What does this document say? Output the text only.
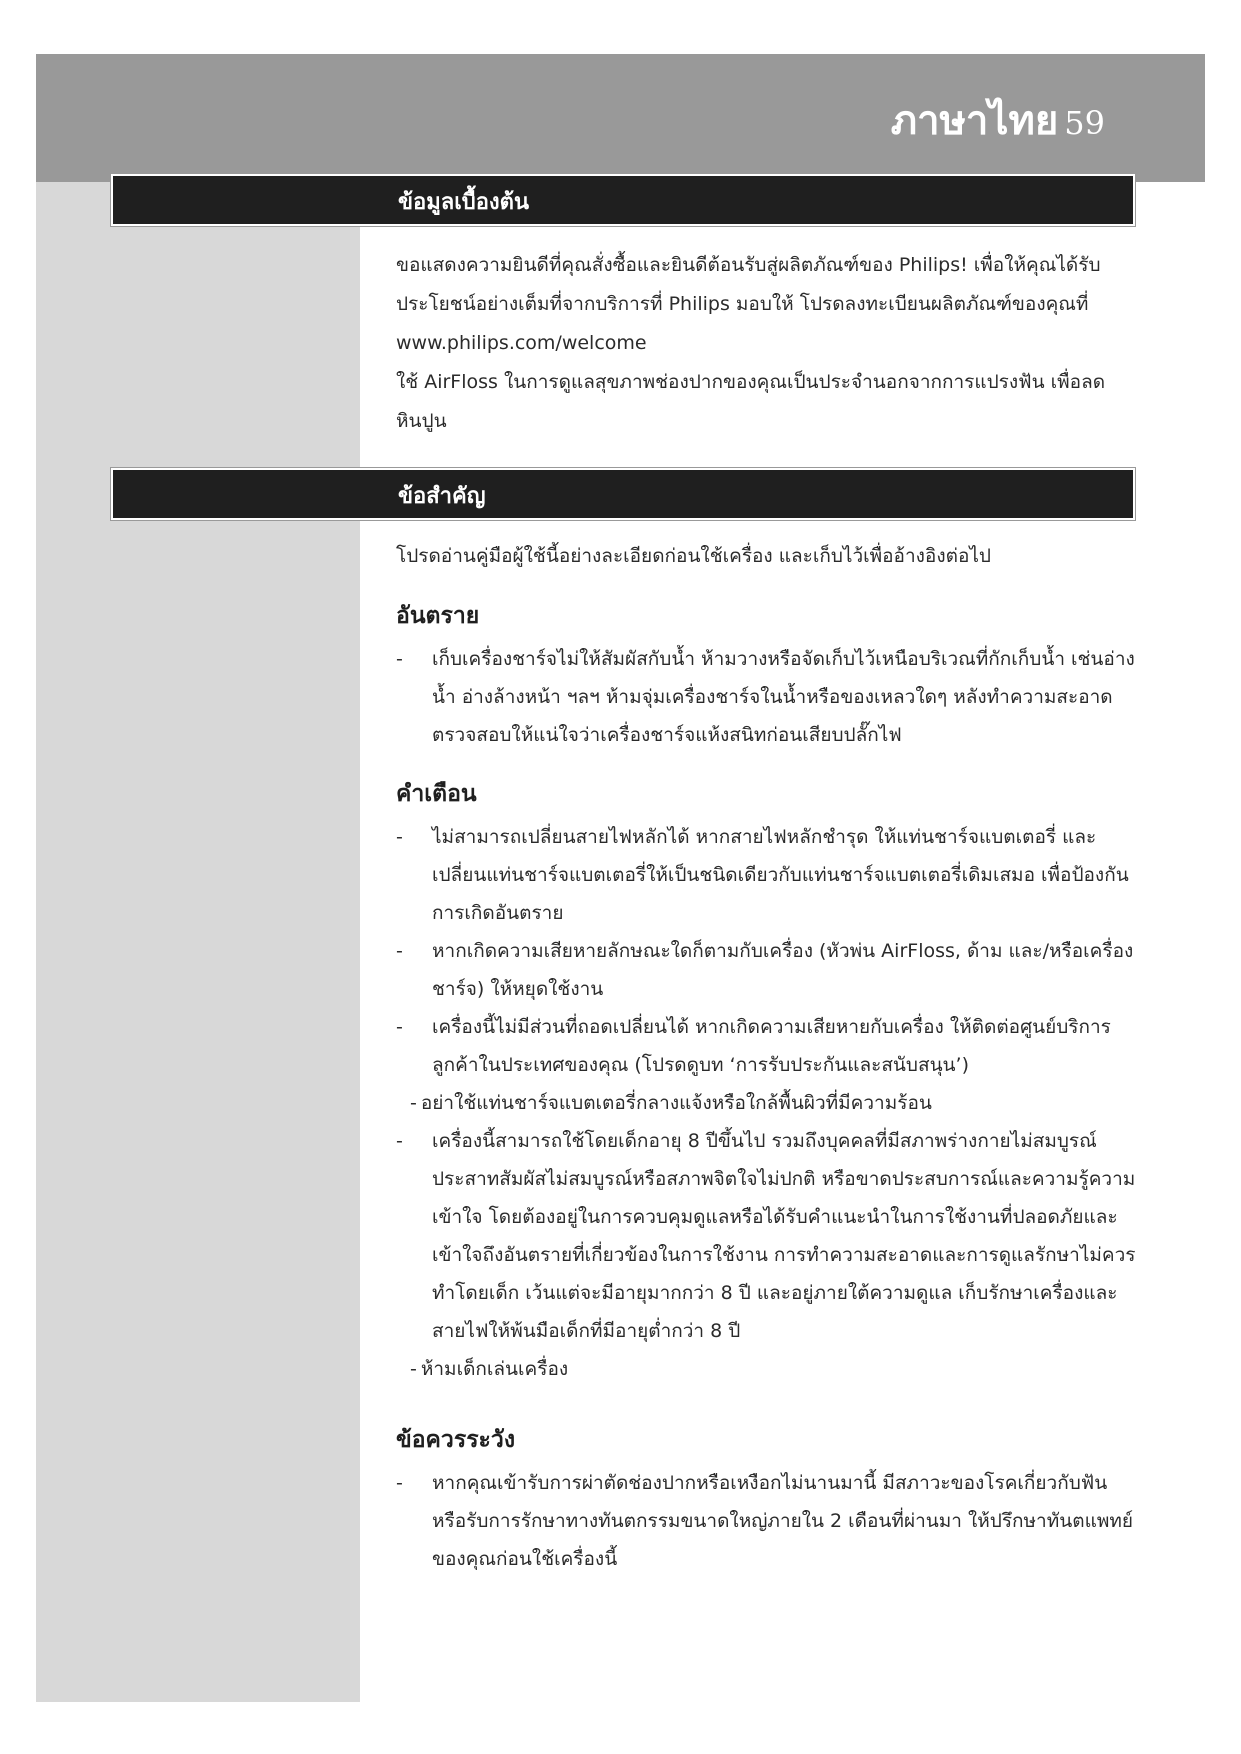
ภาษาไทย 59
ข้อมูลเบื้องต้น

ขอแสดงความยินดีที่คุณสั่งซื้อและยินดีต้อนรับสู่ผลิตภัณฑ์ของ Philips! เพื่อให้คุณได้รับประโยชน์อย่างเต็มที่จากบริการที่ Philips มอบให้ โปรดลงทะเบียนผลิตภัณฑ์ของคุณที่ www.philips.com/welcome

ใช้ AirFloss ในการดูแลสุขภาพช่องปากของคุณเป็นประจำนอกจากการแปรงฟัน เพื่อลดหินปูน

ข้อสำคัญ

โปรดอ่านคู่มือผู้ใช้นี้อย่างละเอียดก่อนใช้เครื่อง และเก็บไว้เพื่ออ้างอิงต่อไป

อันตราย
- เก็บเครื่องชาร์จไม่ให้สัมผัสกับน้ำ ห้ามวางหรือจัดเก็บไว้เหนือบริเวณที่กักเก็บน้ำ เช่นอ่างน้ำ อ่างล้างหน้า ฯลฯ ห้ามจุ่มเครื่องชาร์จในน้ำหรือของเหลวใดๆ หลังทำความสะอาด ตรวจสอบให้แน่ใจว่าเครื่องชาร์จแห้งสนิทก่อนเสียบปลั๊กไฟ
คำเตือน
- ไม่สามารถเปลี่ยนสายไฟหลักได้ หากสายไฟหลักชำรุด ให้แท่นชาร์จแบตเตอรี่ และเปลี่ยนแท่นชาร์จแบตเตอรี่ให้เป็นชนิดเดียวกับแท่นชาร์จแบตเตอรี่เดิมเสมอ เพื่อป้องกันการเกิดอันตราย
- หากเกิดความเสียหายลักษณะใดก็ตามกับเครื่อง (หัวพ่น AirFloss, ด้าม และ/หรือเครื่องชาร์จ) ให้หยุดใช้งาน
- เครื่องนี้ไม่มีส่วนที่ถอดเปลี่ยนได้ หากเกิดความเสียหายกับเครื่อง ให้ติดต่อศูนย์บริการลูกค้าในประเทศของคุณ (โปรดดูบท ‘การรับประกันและสนับสนุน’)
- อย่าใช้แท่นชาร์จแบตเตอรี่กลางแจ้งหรือใกล้พื้นผิวที่มีความร้อน
- เครื่องนี้สามารถใช้โดยเด็กอายุ 8 ปีขึ้นไป รวมถึงบุคคลที่มีสภาพร่างกายไม่สมบูรณ์ ประสาทสัมผัสไม่สมบูรณ์หรือสภาพจิตใจไม่ปกติ หรือขาดประสบการณ์และความรู้ความเข้าใจ โดยต้องอยู่ในการควบคุมดูแลหรือได้รับคำแนะนำในการใช้งานที่ปลอดภัยและเข้าใจถึงอันตรายที่เกี่ยวข้องในการใช้งาน การทำความสะอาดและการดูแลรักษาไม่ควรทำโดยเด็ก เว้นแต่จะมีอายุมากกว่า 8 ปี และอยู่ภายใต้ความดูแล เก็บรักษาเครื่องและสายไฟให้พ้นมือเด็กที่มีอายุต่ำกว่า 8 ปี
- ห้ามเด็กเล่นเครื่อง
ข้อควรระวัง
- หากคุณเข้ารับการผ่าตัดช่องปากหรือเหงือกไม่นานมานี้ มีสภาวะของโรคเกี่ยวกับฟัน หรือรับการรักษาทางทันตกรรมขนาดใหญ่ภายใน 2 เดือนที่ผ่านมา ให้ปรึกษาทันตแพทย์ของคุณก่อนใช้เครื่องนี้
